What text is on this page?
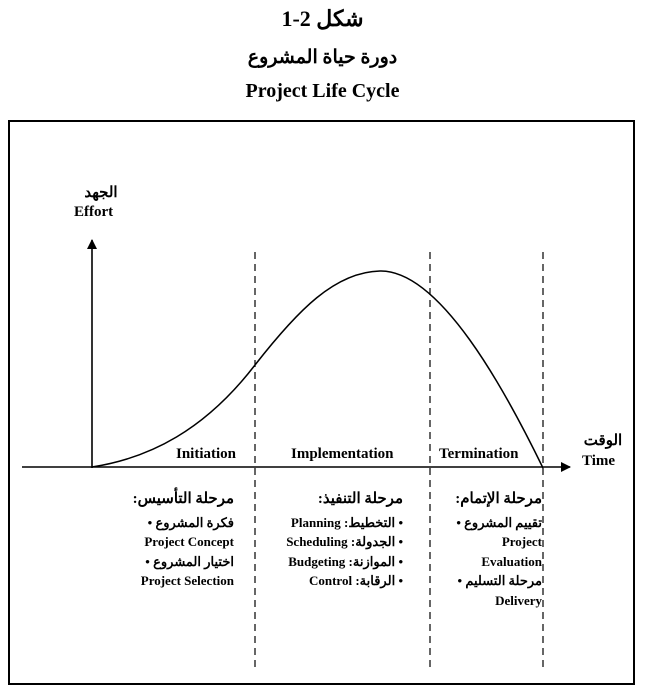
شكل 2-1
دورة حياة المشروع
Project Life Cycle
الجهد
Effort
الوقت
Time
Initiation	Implementation	Termination
مرحلة التأسيس:
• فكرة المشروع
Project Concept
• اختيار المشروع
Project Selection
مرحلة التنفيذ:
Planning :التخطيط •
Scheduling :الجدولة •
Budgeting :الموازنة •
Control :الرقابة •
مرحلة الإتمام:
• تقييم المشروع
Project
Evaluation
• مرحلة التسليم
Delivery
